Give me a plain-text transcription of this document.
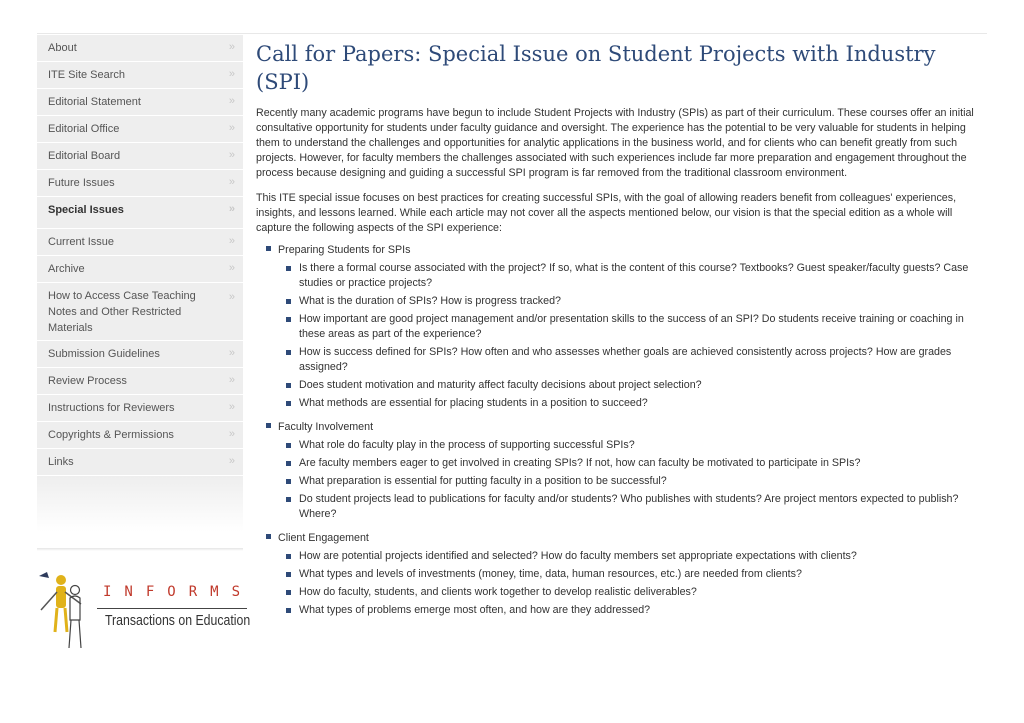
About	»
ITE Site Search	»
Editorial Statement	»
Editorial Office	»
Editorial Board	»
Future Issues	»
Special Issues	»
Current Issue	»
Archive	»
How to Access Case Teaching Notes and Other Restricted Materials
»
Submission Guidelines	»
Review Process	»
Instructions for Reviewers	»
Copyrights & Permissions	»
Links	»
INFORMS
Transactions on Education
Call for Papers: Special Issue on Student Projects with Industry (SPI)

Recently many academic programs have begun to include Student Projects with Industry (SPIs) as part of their curriculum. These courses offer an initial consultative opportunity for students under faculty guidance and oversight. The experience has the potential to be very valuable for students in helping them to understand the challenges and opportunities for analytic applications in the business world, and for clients who can benefit greatly from such projects. However, for faculty members the challenges associated with such experiences include far more preparation and engagement throughout the process because designing and guiding a successful SPI program is far removed from the traditional classroom environment.

This ITE special issue focuses on best practices for creating successful SPIs, with the goal of allowing readers benefit from colleagues' experiences, insights, and lessons learned. While each article may not cover all the aspects mentioned below, our vision is that the special edition as a whole will capture the following aspects of the SPI experience:

Preparing Students for SPIs
Is there a formal course associated with the project? If so, what is the content of this course? Textbooks? Guest speaker/faculty guests? Case studies or practice projects?
What is the duration of SPIs? How is progress tracked?
How important are good project management and/or presentation skills to the success of an SPI? Do students receive training or coaching in these areas as part of the experience?
How is success defined for SPIs? How often and who assesses whether goals are achieved consistently across projects? How are grades assigned?
Does student motivation and maturity affect faculty decisions about project selection?
What methods are essential for placing students in a position to succeed?
Faculty Involvement
What role do faculty play in the process of supporting successful SPIs?
Are faculty members eager to get involved in creating SPIs? If not, how can faculty be motivated to participate in SPIs?
What preparation is essential for putting faculty in a position to be successful?
Do student projects lead to publications for faculty and/or students? Who publishes with students? Are project mentors expected to publish? Where?
Client Engagement
How are potential projects identified and selected? How do faculty members set appropriate expectations with clients?
What types and levels of investments (money, time, data, human resources, etc.) are needed from clients?
How do faculty, students, and clients work together to develop realistic deliverables?
What types of problems emerge most often, and how are they addressed?
